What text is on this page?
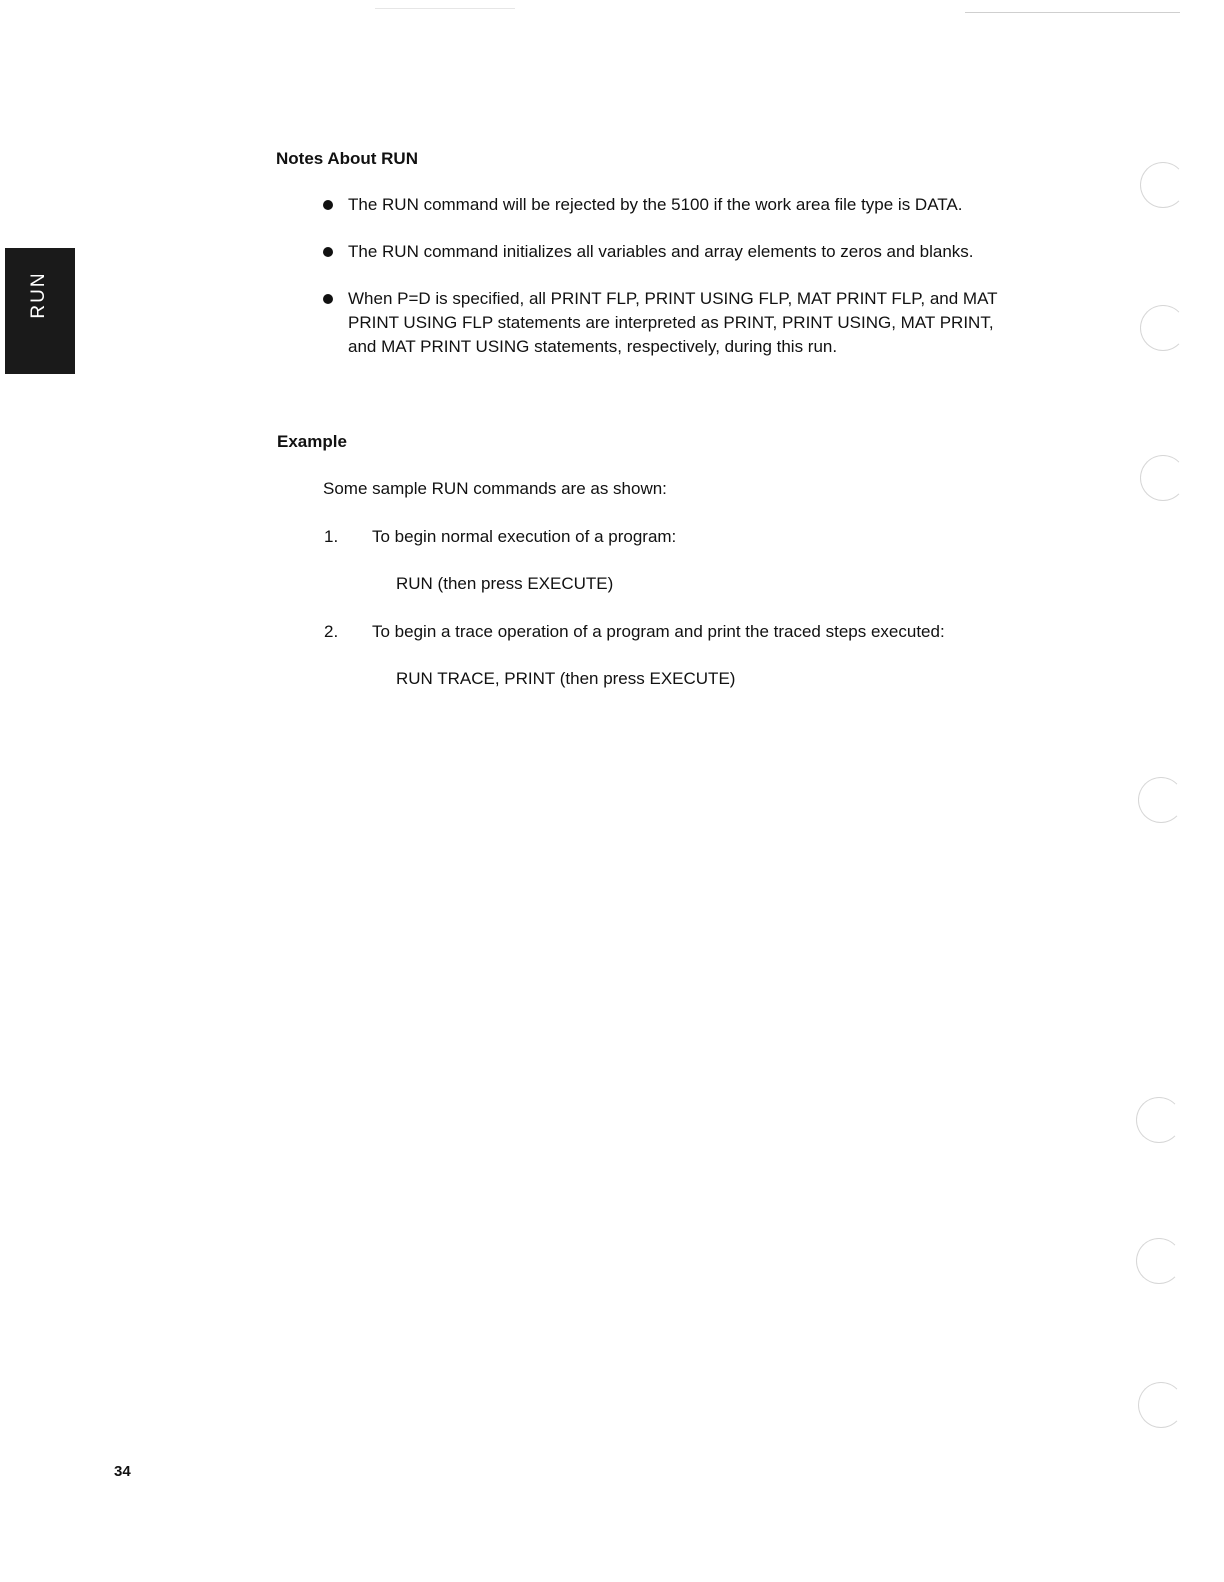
RUN
Notes About RUN
The RUN command will be rejected by the 5100 if the work area file type is DATA.
The RUN command initializes all variables and array elements to zeros and blanks.
When P=D is specified, all PRINT FLP, PRINT USING FLP, MAT PRINT FLP, and MAT PRINT USING FLP statements are interpreted as PRINT, PRINT USING, MAT PRINT, and MAT PRINT USING statements, respectively, during this run.
Example
Some sample RUN commands are as shown:
1. To begin normal execution of a program:
RUN (then press EXECUTE)
2. To begin a trace operation of a program and print the traced steps executed:
RUN TRACE, PRINT (then press EXECUTE)
34
